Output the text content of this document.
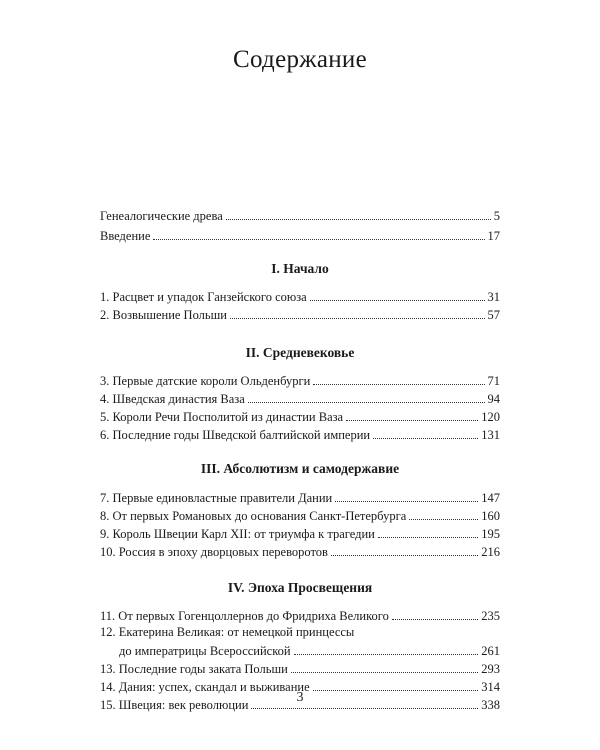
Содержание
Генеалогические древа	5
Введение	17
I. Начало
1. Расцвет и упадок Ганзейского союза	31
2. Возвышение Польши	57
II. Средневековье
3. Первые датские короли Ольденбурги	71
4. Шведская династия Ваза	94
5. Короли Речи Посполитой из династии Ваза	120
6. Последние годы Шведской балтийской империи	131
III. Абсолютизм и самодержавие
7. Первые единовластные правители Дании	147
8. От первых Романовых до основания Санкт-Петербурга	160
9. Король Швеции Карл XII: от триумфа к трагедии	195
10. Россия в эпоху дворцовых переворотов	216
IV. Эпоха Просвещения
11. От первых Гогенцоллернов до Фридриха Великого	235
12. Екатерина Великая: от немецкой принцессы
до императрицы Всероссийской	261
13. Последние годы заката Польши	293
14. Дания: успех, скандал и выживание	314
15. Швеция: век революции	338
3
